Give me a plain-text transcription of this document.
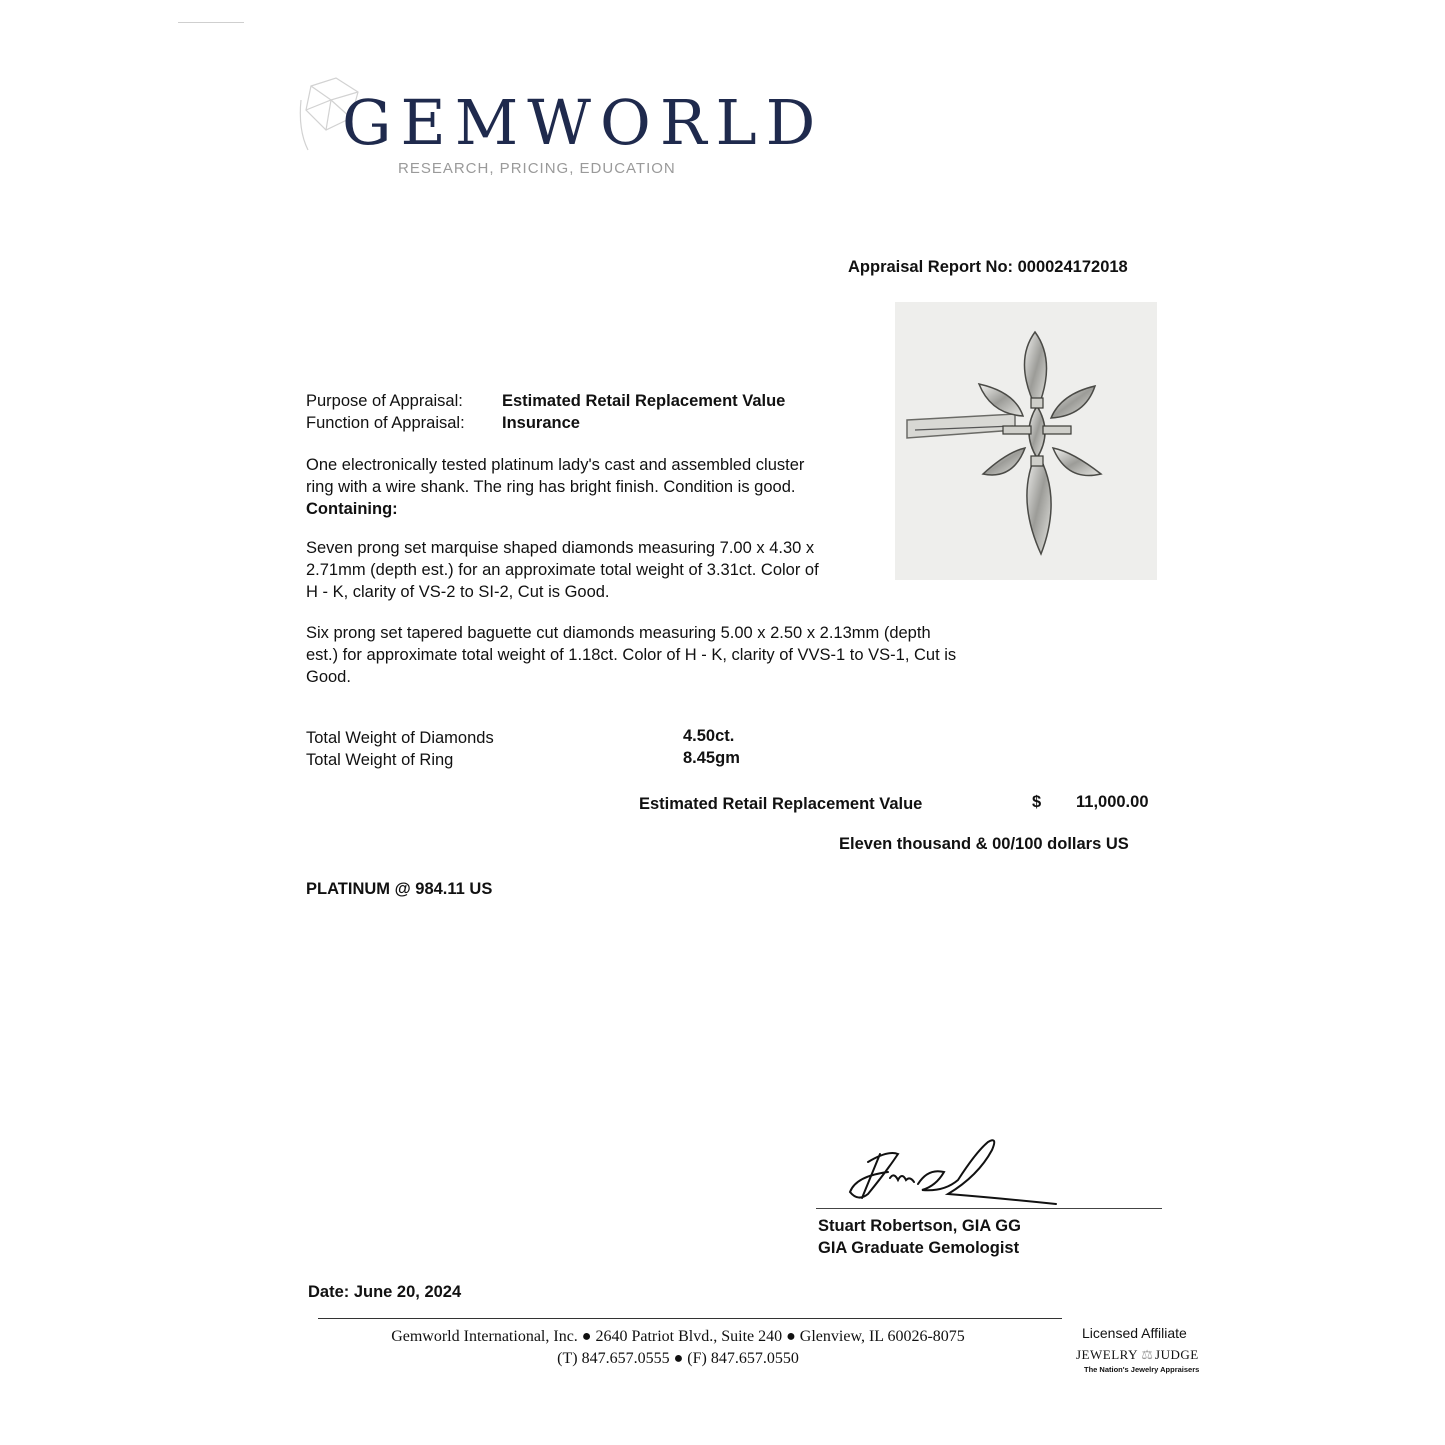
GEMWORLD
RESEARCH, PRICING, EDUCATION
Appraisal Report No: 000024172018
Purpose of Appraisal: Estimated Retail Replacement Value
Function of Appraisal: Insurance
One electronically tested platinum lady's cast and assembled cluster
ring with a wire shank. The ring has bright finish. Condition is good.
Containing:
Seven prong set marquise shaped diamonds measuring 7.00 x 4.30 x
2.71mm (depth est.) for an approximate total weight of 3.31ct. Color of
H - K, clarity of VS-2 to SI-2, Cut is Good.
Six prong set tapered baguette cut diamonds measuring 5.00 x 2.50 x 2.13mm (depth
est.) for approximate total weight of 1.18ct. Color of H - K, clarity of VVS-1 to VS-1, Cut is
Good.
Total Weight of Diamonds	4.50ct.
Total Weight of Ring	8.45gm
Estimated Retail Replacement Value	$ 11,000.00
Eleven thousand & 00/100 dollars US
PLATINUM @ 984.11 US
Stuart Robertson, GIA GG
GIA Graduate Gemologist
Date: June 20, 2024
Gemworld International, Inc. ● 2640 Patriot Blvd., Suite 240 ● Glenview, IL 60026-8075
(T) 847.657.0555 ● (F) 847.657.0550
Licensed Affiliate
JEWELRY ⚖ JUDGE
The Nation's Jewelry Appraisers
